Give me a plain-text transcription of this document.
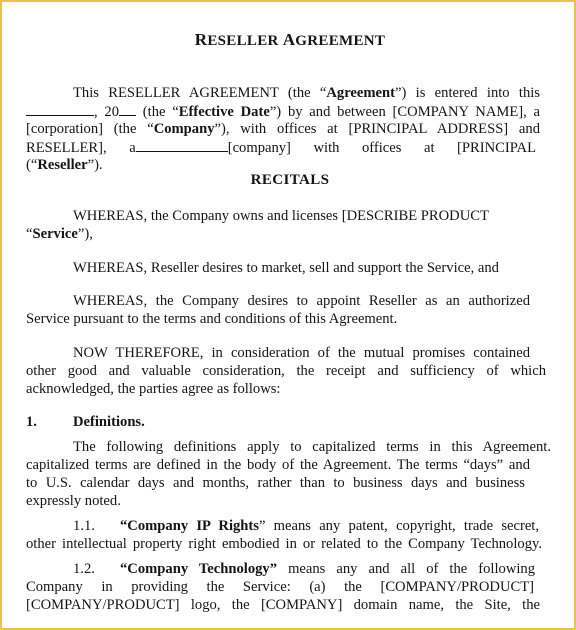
RESELLER AGREEMENT
This RESELLER AGREEMENT (the “Agreement”) is entered into this
, 20 (the “Effective Date”) by and between [COMPANY NAME], a
[corporation] (the “Company”), with offices at [PRINCIPAL ADDRESS] and
RESELLER], a	[company] with offices at [PRINCIPAL
(“Reseller”).
RECITALS
WHEREAS, the Company owns and licenses [DESCRIBE PRODUCT
“Service”),
WHEREAS, Reseller desires to market, sell and support the Service, and
WHEREAS, the Company desires to appoint Reseller as an authorized
Service pursuant to the terms and conditions of this Agreement.
NOW THEREFORE, in consideration of the mutual promises contained
other good and valuable consideration, the receipt and sufficiency of which
acknowledged, the parties agree as follows:
1. Definitions.
The following definitions apply to capitalized terms in this Agreement.
capitalized terms are defined in the body of the Agreement. The terms “days” and
to U.S. calendar days and months, rather than to business days and business
expressly noted.
1.1. “Company IP Rights” means any patent, copyright, trade secret,
other intellectual property right embodied in or related to the Company Technology.
1.2. “Company Technology” means any and all of the following
Company in providing the Service: (a) the [COMPANY/PRODUCT]
[COMPANY/PRODUCT] logo, the [COMPANY] domain name, the Site, the
